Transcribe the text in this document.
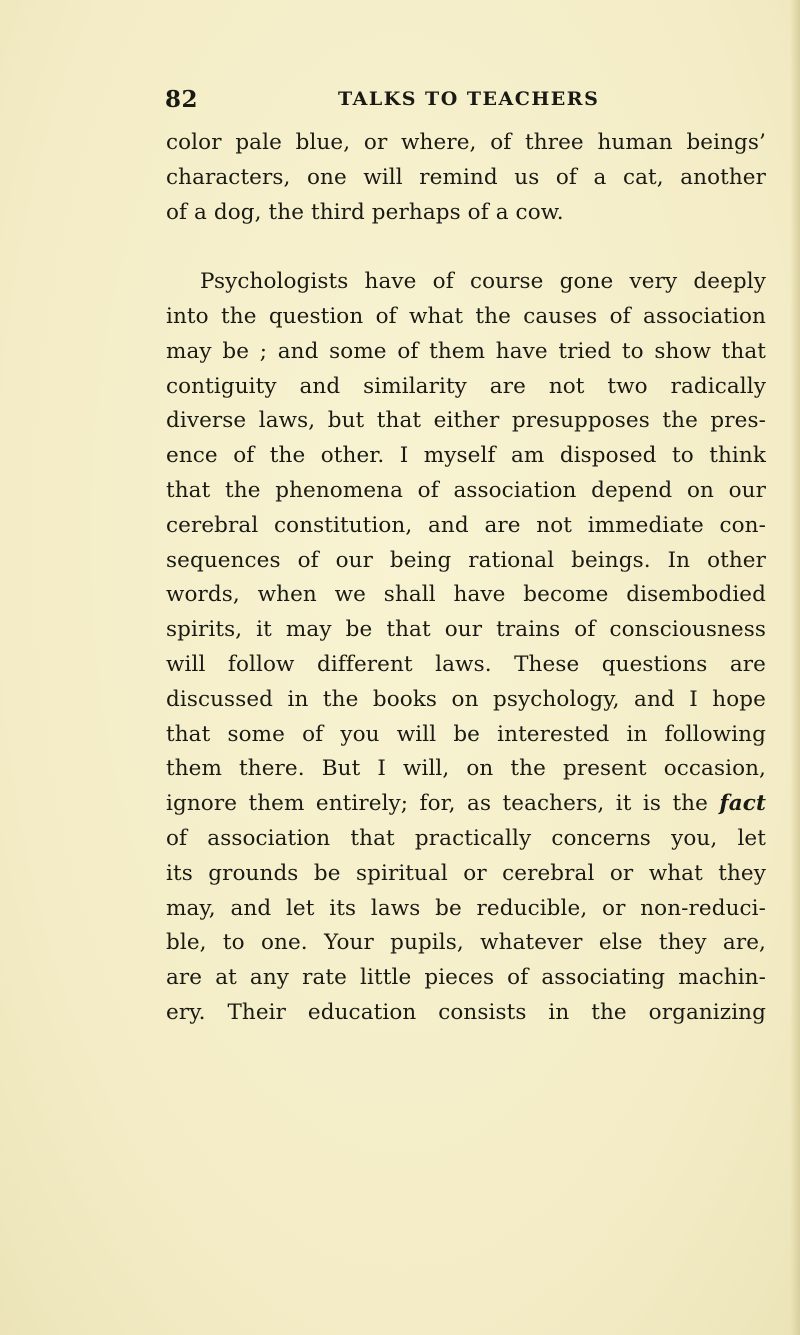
82	TALKS TO TEACHERS
color pale blue, or where, of three human beings’
characters, one will remind us of a cat, another
of a dog, the third perhaps of a cow.
Psychologists have of course gone very deeply
into the question of what the causes of association
may be ; and some of them have tried to show that
contiguity and similarity are not two radically
diverse laws, but that either presupposes the pres-
ence of the other. I myself am disposed to think
that the phenomena of association depend on our
cerebral constitution, and are not immediate con-
sequences of our being rational beings. In other
words, when we shall have become disembodied
spirits, it may be that our trains of consciousness
will follow different laws. These questions are
discussed in the books on psychology, and I hope
that some of you will be interested in following
them there. But I will, on the present occasion,
ignore them entirely; for, as teachers, it is the fact
of association that practically concerns you, let
its grounds be spiritual or cerebral or what they
may, and let its laws be reducible, or non-reduci-
ble, to one. Your pupils, whatever else they are,
are at any rate little pieces of associating machin-
ery. Their education consists in the organizing
